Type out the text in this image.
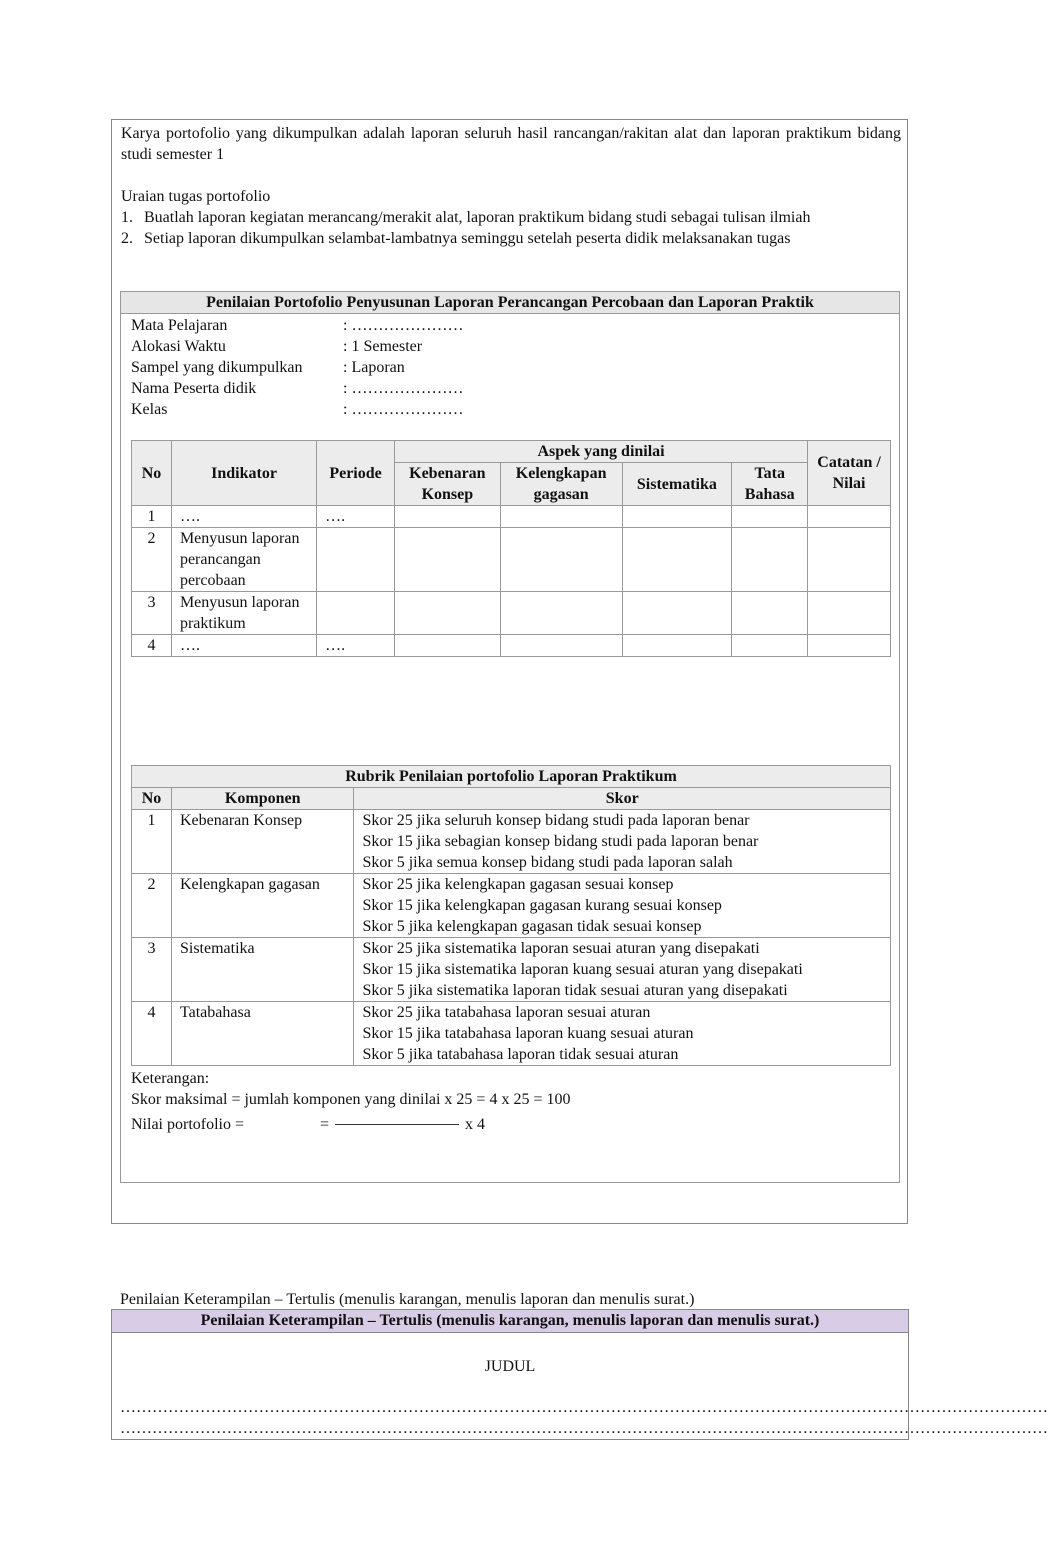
Karya portofolio yang dikumpulkan adalah laporan seluruh hasil rancangan/rakitan alat dan laporan praktikum bidang studi semester 1

Uraian tugas portofolio
1. Buatlah laporan kegiatan merancang/merakit alat, laporan praktikum bidang studi sebagai tulisan ilmiah
2. Setiap laporan dikumpulkan selambat-lambatnya seminggu setelah peserta didik melaksanakan tugas
Penilaian Portofolio Penyusunan Laporan Perancangan Percobaan dan Laporan Praktik
Mata Pelajaran	: …………………
Alokasi Waktu	: 1 Semester
Sampel yang dikumpulkan	: Laporan
Nama Peserta didik	: …………………
Kelas	: …………………
No	Indikator	Periode	Aspek yang dinilai				Catatan / Nilai
			Kebenaran Konsep	Kelengkapan gagasan	Sistematika	Tata Bahasa	
1	….	….					
2	Menyusun laporan perancangan percobaan						
3	Menyusun laporan praktikum						
4	….	….					
Rubrik Penilaian portofolio Laporan Praktikum		
No	Komponen	Skor
1	Kebenaran Konsep	Skor 25 jika seluruh konsep bidang studi pada laporan benar
Skor 15 jika sebagian konsep bidang studi pada laporan benar
Skor 5 jika semua konsep bidang studi pada laporan salah

2	Kelengkapan gagasan	Skor 25 jika kelengkapan gagasan sesuai konsep
Skor 15 jika kelengkapan gagasan kurang sesuai konsep
Skor 5 jika kelengkapan gagasan tidak sesuai konsep

3	Sistematika	Skor 25 jika sistematika laporan sesuai aturan yang disepakati
Skor 15 jika sistematika laporan kuang sesuai aturan yang disepakati
Skor 5 jika sistematika laporan tidak sesuai aturan yang disepakati

4	Tatabahasa	Skor 25 jika tatabahasa laporan sesuai aturan
Skor 15 jika tatabahasa laporan kuang sesuai aturan
Skor 5 jika tatabahasa laporan tidak sesuai aturan
Keterangan:
Skor maksimal = jumlah komponen yang dinilai x 25 = 4 x 25 = 100
Nilai portofolio =	=	x 4
Penilaian Keterampilan – Tertulis (menulis karangan, menulis laporan dan menulis surat.)
Penilaian Keterampilan – Tertulis (menulis karangan, menulis laporan dan menulis surat.)
JUDUL
…………………………………………………………………………………………………………………………………………………………
…………………………………………………………………………………………………………………………………………………………
